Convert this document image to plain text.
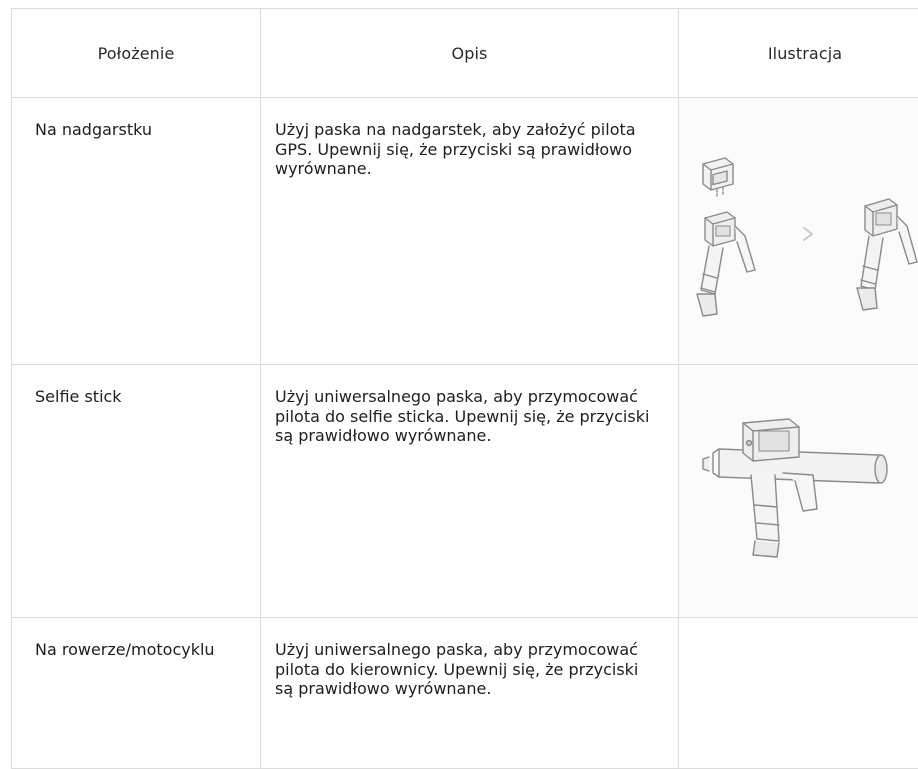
Położenie	Opis	Ilustracja

Na nadgarstku	Użyj paska na nadgarstek, aby założyć pilota GPS. Upewnij się, że przyciski są prawidłowo wyrównane.

Selfie stick	Użyj uniwersalnego paska, aby przymocować pilota do selfie sticka. Upewnij się, że przyciski są prawidłowo wyrównane.

Na rowerze/motocyklu	Użyj uniwersalnego paska, aby przymocować pilota do kierownicy. Upewnij się, że przyciski są prawidłowo wyrównane.	
